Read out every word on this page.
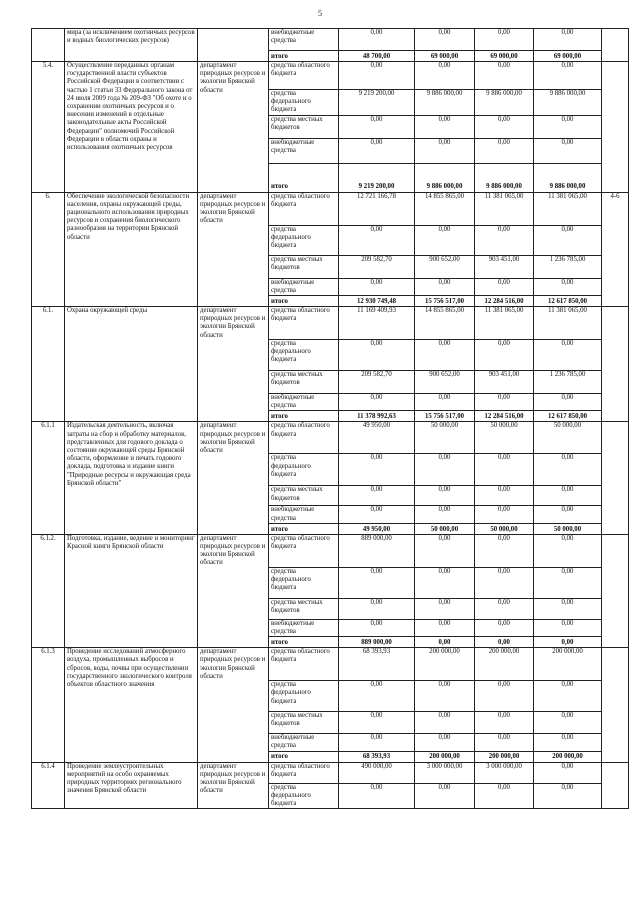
5
	мира (за исключением охотничьих ресурсов и водных биологических ресурсов)		внебюджетные средства	0,00	0,00	0,00	0,00	
			итого	48 700,00	69 000,00	69 000,00	69 000,00	
5.4.	Осуществление переданных органам государственной власти субъектов Российской Федерации в соответствии с частью 1 статьи 33 Федерального закона от 24 июля 2009 года № 209-ФЗ "Об охоте и о сохранении охотничьих ресурсов и о внесении изменений в отдельные законодательные акты Российской Федерации" полномочий Российской Федерации в области охраны и использования охотничьих ресурсов	департамент природных ресурсов и экологии Брянской области	средства областного бюджета	0,00	0,00	0,00	0,00	
			средства федерального бюджета	9 219 200,00	9 886 000,00	9 886 000,00	9 886 000,00	
			средства местных бюджетов	0,00	0,00	0,00	0,00	
			внебюджетные средства	0,00	0,00	0,00	0,00	
			итого	9 219 200,00	9 886 000,00	9 886 000,00	9 886 000,00	
6.	Обеспечение экологической безопасности населения, охраны окружающей среды, рационального использования природных ресурсов и сохранения биологического разнообразия на территории Брянской области	департамент природных ресурсов и экологии Брянской области	средства областного бюджета	12 721 166,78	14 855 865,00	11 381 065,00	11 381 065,00	4-6
			средства федерального бюджета	0,00	0,00	0,00	0,00	
			средства местных бюджетов	209 582,70	900 652,00	903 451,00	1 236 785,00	
			внебюджетные средства	0,00	0,00	0,00	0,00	
			итого	12 930 749,48	15 756 517,00	12 284 516,00	12 617 850,00	
6.1.	Охрана окружающей среды	департамент природных ресурсов и экологии Брянской области	средства областного бюджета	11 169 409,93	14 855 865,00	11 381 065,00	11 381 065,00	
			средства федерального бюджета	0,00	0,00	0,00	0,00	
			средства местных бюджетов	209 582,70	900 652,00	903 451,00	1 236 785,00	
			внебюджетные средства	0,00	0,00	0,00	0,00	
			итого	11 378 992,63	15 756 517,00	12 284 516,00	12 617 850,00	
6.1.1	Издательская деятельность, включая затраты на сбор и обработку материалов, представленных для годового доклада о состоянии окружающей среды Брянской области, оформление и печать годового доклада, подготовка и издание книги "Природные ресурсы и окружающая среда Брянской области"	департамент природных ресурсов и экологии Брянской области	средства областного бюджета	49 950,00	50 000,00	50 000,00	50 000,00	
			средства федерального бюджета	0,00	0,00	0,00	0,00	
			средства местных бюджетов	0,00	0,00	0,00	0,00	
			внебюджетные средства	0,00	0,00	0,00	0,00	
			итого	49 950,00	50 000,00	50 000,00	50 000,00	
6.1.2.	Подготовка, издание, ведение и мониторинг Красной книги Брянской области	департамент природных ресурсов и экологии Брянской области	средства областного бюджета	889 000,00	0,00	0,00	0,00	
			средства федерального бюджета	0,00	0,00	0,00	0,00	
			средства местных бюджетов	0,00	0,00	0,00	0,00	
			внебюджетные средства	0,00	0,00	0,00	0,00	
			итого	889 000,00	0,00	0,00	0,00	
6.1.3	Проведение исследований атмосферного воздуха, промышленных выбросов и сбросов, воды, почвы при осуществлении государственного экологического контроля объектов областного значения	департамент природных ресурсов и экологии Брянской области	средства областного бюджета	68 393,93	200 000,00	200 000,00	200 000,00	
			средства федерального бюджета	0,00	0,00	0,00	0,00	
			средства местных бюджетов	0,00	0,00	0,00	0,00	
			внебюджетные средства	0,00	0,00	0,00	0,00	
			итого	68 393,93	200 000,00	200 000,00	200 000,00	
6.1.4	Проведение землеустроительных мероприятий на особо охраняемых природных территориях регионального значения Брянской области	департамент природных ресурсов и экологии Брянской области	средства областного бюджета	490 000,00	3 000 000,00	3 000 000,00	0,00	
			средства федерального бюджета	0,00	0,00	0,00	0,00	
